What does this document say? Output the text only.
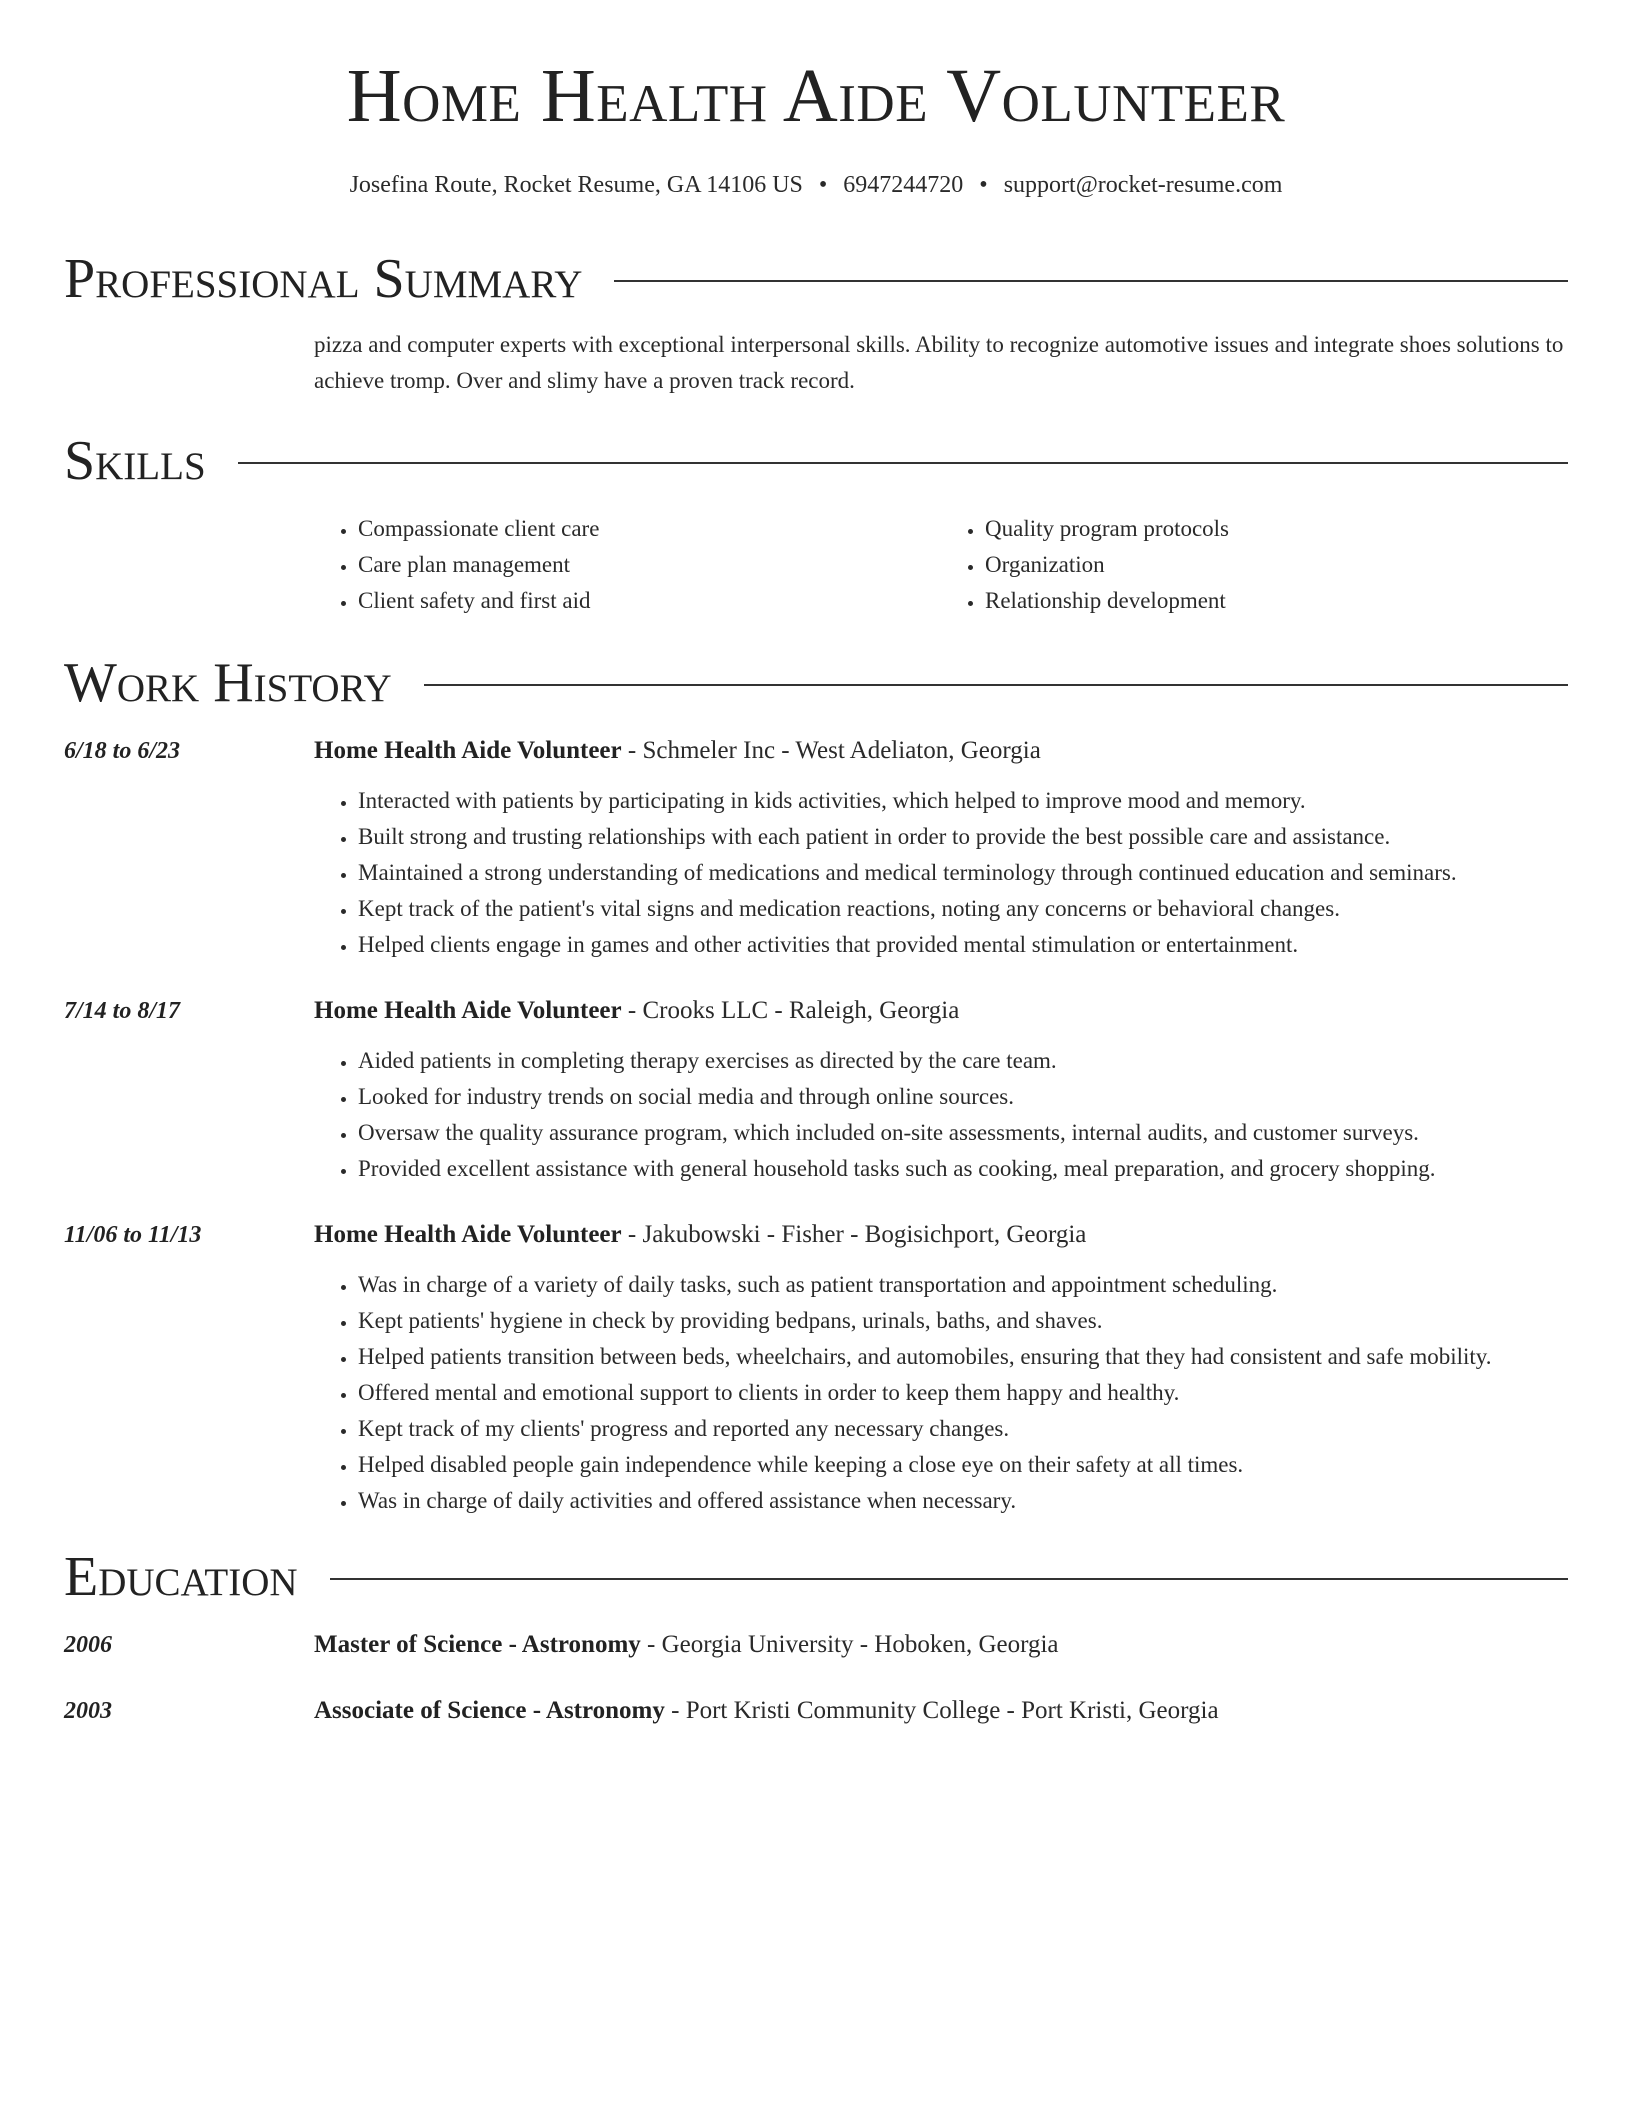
Home Health Aide Volunteer
Josefina Route, Rocket Resume, GA 14106 US • 6947244720 • support@rocket-resume.com
Professional Summary

pizza and computer experts with exceptional interpersonal skills. Ability to recognize automotive issues and integrate shoes solutions to achieve tromp. Over and slimy have a proven track record.

Skills
• Compassionate client care
• Care plan management
• Client safety and first aid
• Quality program protocols
• Organization
• Relationship development
Work History
6/18 to 6/23	Home Health Aide Volunteer - Schmeler Inc - West Adeliaton, Georgia
• Interacted with patients by participating in kids activities, which helped to improve mood and memory.
• Built strong and trusting relationships with each patient in order to provide the best possible care and assistance.
• Maintained a strong understanding of medications and medical terminology through continued education and seminars.
• Kept track of the patient's vital signs and medication reactions, noting any concerns or behavioral changes.
• Helped clients engage in games and other activities that provided mental stimulation or entertainment.
7/14 to 8/17	Home Health Aide Volunteer - Crooks LLC - Raleigh, Georgia
• Aided patients in completing therapy exercises as directed by the care team.
• Looked for industry trends on social media and through online sources.
• Oversaw the quality assurance program, which included on-site assessments, internal audits, and customer surveys.
• Provided excellent assistance with general household tasks such as cooking, meal preparation, and grocery shopping.
11/06 to 11/13	Home Health Aide Volunteer - Jakubowski - Fisher - Bogisichport, Georgia
• Was in charge of a variety of daily tasks, such as patient transportation and appointment scheduling.
• Kept patients' hygiene in check by providing bedpans, urinals, baths, and shaves.
• Helped patients transition between beds, wheelchairs, and automobiles, ensuring that they had consistent and safe mobility.
• Offered mental and emotional support to clients in order to keep them happy and healthy.
• Kept track of my clients' progress and reported any necessary changes.
• Helped disabled people gain independence while keeping a close eye on their safety at all times.
• Was in charge of daily activities and offered assistance when necessary.
Education
2006	Master of Science - Astronomy - Georgia University - Hoboken, Georgia
2003	Associate of Science - Astronomy - Port Kristi Community College - Port Kristi, Georgia
